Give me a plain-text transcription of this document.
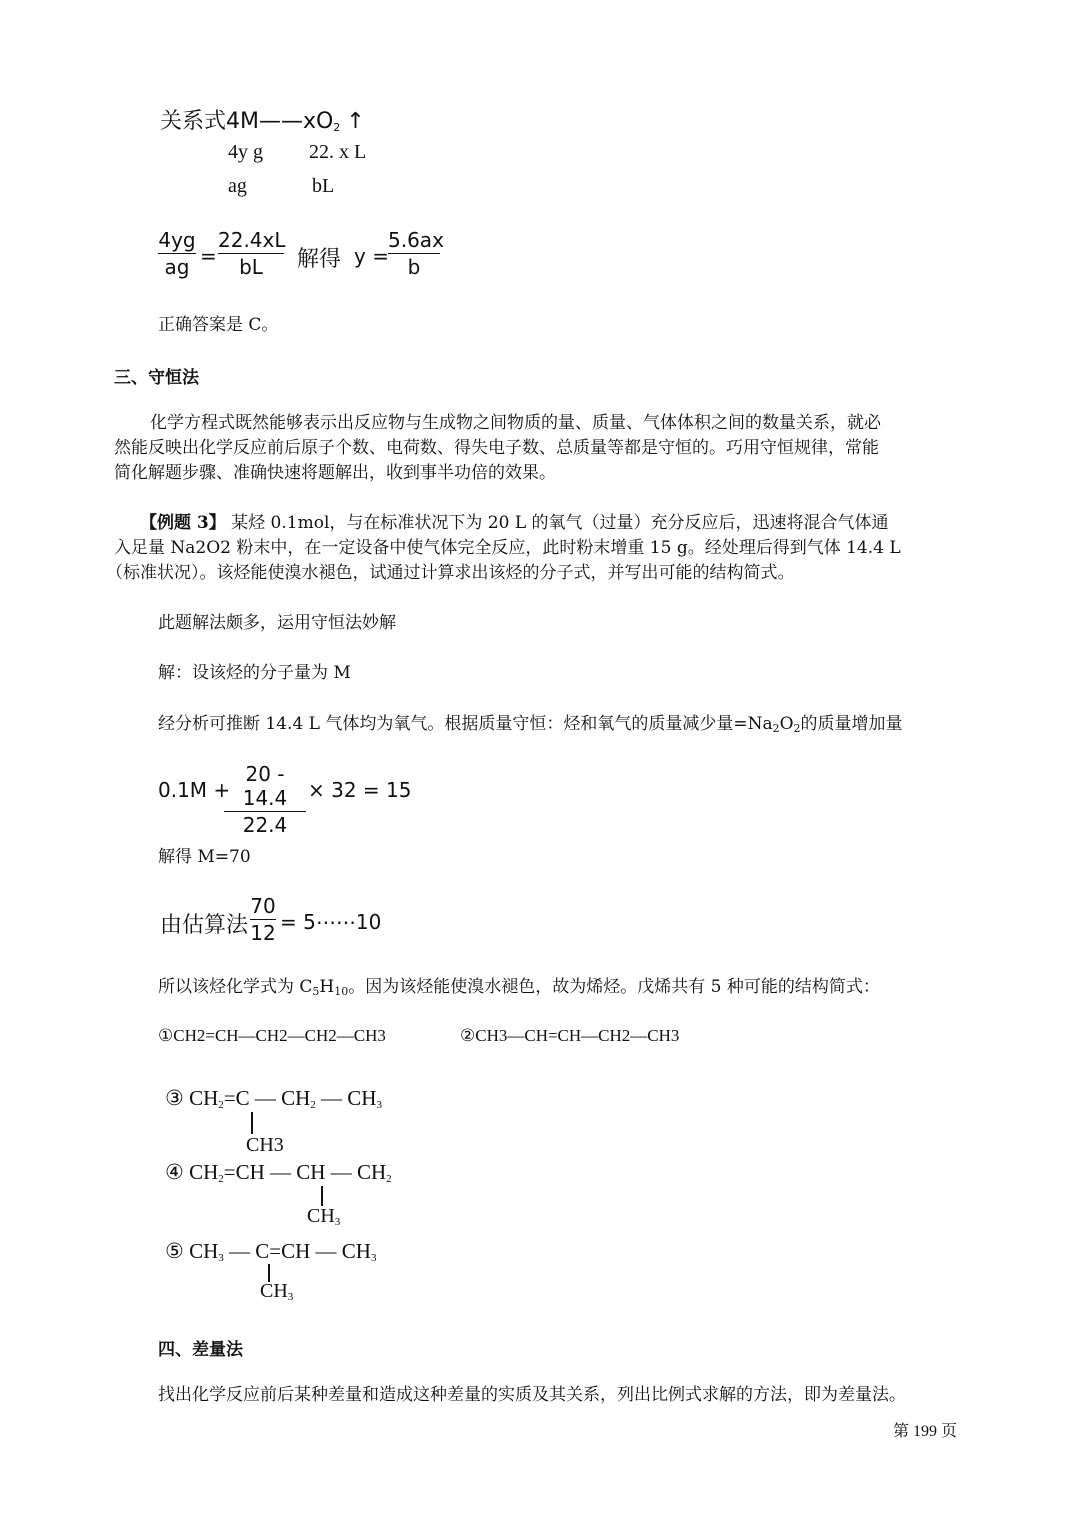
关系式$4M——xO_2$ ↑
4y g 22. x L
ag	bL
4yg
ag =
22.4xL
bL	解得 y =
5.6ax
b
正确答案是 C。
三、守恒法
化学方程式既然能够表示出反应物与生成物之间物质的量、质量、气体体积之间的数量关系，就必
然能反映出化学反应前后原子个数、电荷数、得失电子数、总质量等都是守恒的。巧用守恒规律，常能
简化解题步骤、准确快速将题解出，收到事半功倍的效果。
【例题 3】 某烃 0.1mol，与在标准状况下为 20 L 的氧气（过量）充分反应后，迅速将混合气体通
入足量 Na2O2 粉末中，在一定设备中使气体完全反应，此时粉末增重 15 g。经处理后得到气体 14.4 L
（标准状况）。该烃能使溴水褪色，试通过计算求出该烃的分子式，并写出可能的结构简式。
此题解法颇多，运用守恒法妙解
解：设该烃的分子量为 M
经分析可推断 14.4 L 气体均为氧气。根据质量守恒：烃和氧气的质量减少量$=Na_2O_2$的质量增加量
0.1M +
20 - 14.4
22.4
× 32 = 15
解得 M=70
由估算法
70
12 = 5⋯⋯10
所以该烃化学式为 $C_5H_{10}$。因为该烃能使溴水褪色，故为烯烃。戊烯共有 5 种可能的结构简式：
①CH2=CH—CH2—CH2—CH3	②CH3—CH=CH—CH2—CH3
③ $CH_2=C$ — $CH_2$ — $CH_3$
CH3
④ $CH_2=CH$ — CH — $CH_2$
$CH_3$
⑤ $CH_3$ — C=CH — $CH_3$
$CH_3$
四、差量法
找出化学反应前后某种差量和造成这种差量的实质及其关系，列出比例式求解的方法，即为差量法。
第 199 页
